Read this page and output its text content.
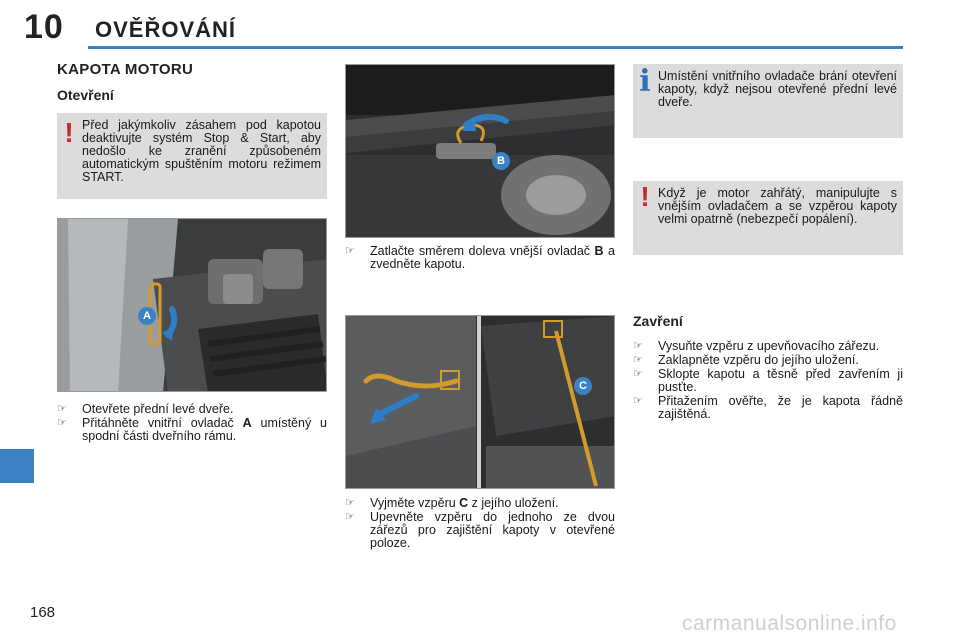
10 OVĚŘOVÁNÍ
KAPOTA MOTORU
Otevření
! Před jakýmkoliv zásahem pod kapotou deaktivujte systém Stop & Start, aby nedošlo ke zranění způsobeném automatickým spuštěním motoru režimem START.
A
☞ Otevřete přední levé dveře.
☞ Přitáhněte vnitřní ovladač A umístěný u spodní části dveřního rámu.
B
☞ Zatlačte směrem doleva vnější ovladač B a zvedněte kapotu.
C
☞ Vyjměte vzpěru C z jejího uložení.
☞ Upevněte vzpěru do jednoho ze dvou zářezů pro zajištění kapoty v otevřené poloze.
i Umístění vnitřního ovladače brání otevření kapoty, když nejsou otevřené přední levé dveře.
! Když je motor zahřátý, manipulujte s vnějším ovladačem a se vzpěrou kapoty velmi opatrně (nebezpečí popálení).
Zavření
☞ Vysuňte vzpěru z upevňovacího zářezu.
☞ Zaklapněte vzpěru do jejího uložení.
☞ Sklopte kapotu a těsně před zavřením ji pusťte.
☞ Přitažením ověřte, že je kapota řádně zajištěná.
168	carmanualsonline.info
